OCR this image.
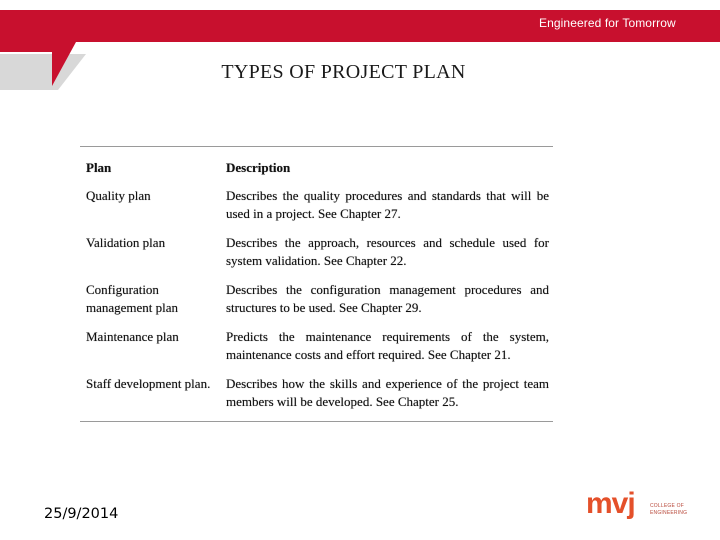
Engineered for Tomorrow
TYPES OF PROJECT PLAN
Plan	Description
Quality plan	Describes the quality procedures and standards that will be used in a project. See Chapter 27.
Validation plan	Describes the approach, resources and schedule used for system validation. See Chapter 22.
Configuration management plan	Describes the configuration management procedures and structures to be used. See Chapter 29.
Maintenance plan	Predicts the maintenance requirements of the system, maintenance costs and effort required. See Chapter 21.
Staff development plan.	Describes how the skills and experience of the project team members will be developed. See Chapter 25.
25/9/2014	mvj	COLLEGE OF
ENGINEERING
